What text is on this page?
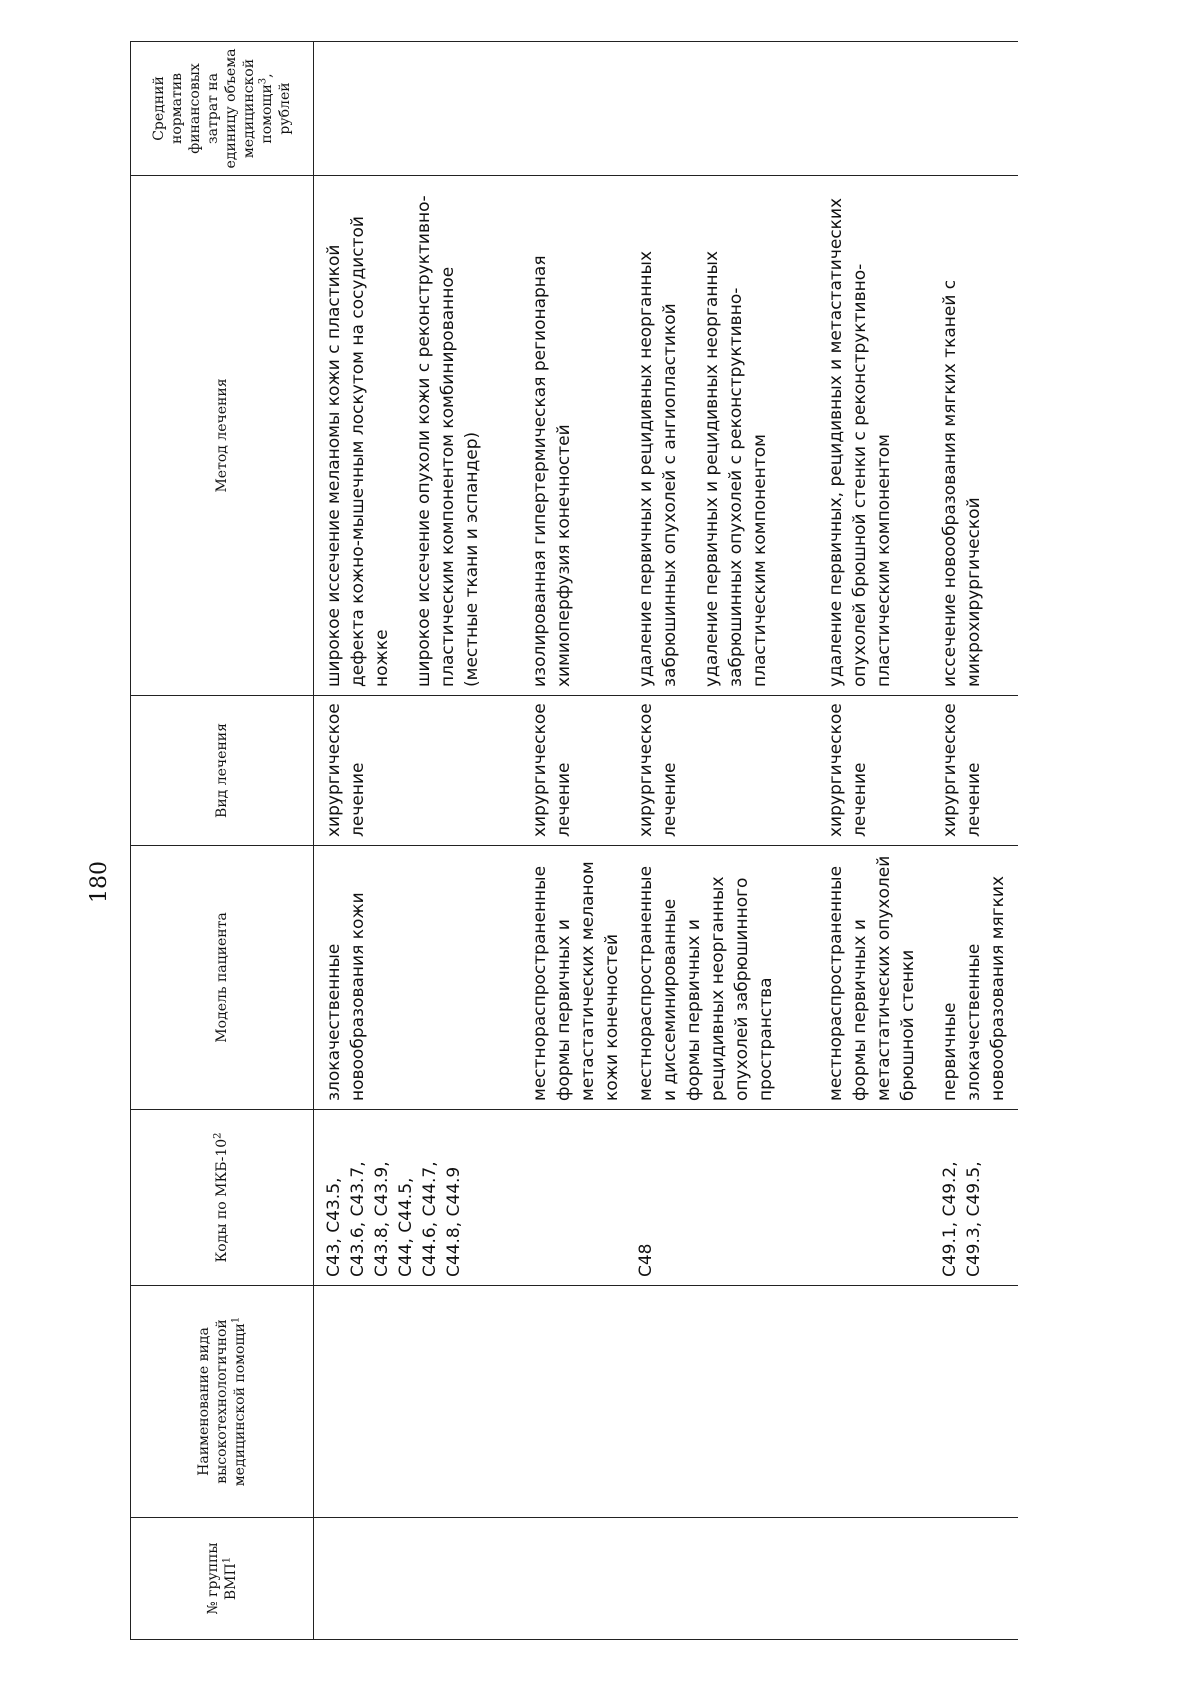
180
№ группы ВМП$^1$	Наименование вида высокотехнологичной медицинской помощи$^1$	Коды по МКБ-$10^2$	Модель пациента	Вид лечения	Метод лечения	Средний норматив финансовых затрат на единицу объема медицинской помощи$^3$, рублей
		C43, C43.5, C43.6, C43.7, C43.8, C43.9, C44, C44.5, C44.6, C44.7, C44.8, C44.9	злокачественные новообразования кожи	хирургическое лечение	широкое иссечение меланомы кожи с пластикой дефекта кожно-мышечным лоскутом на сосудистой ножке широкое иссечение опухоли кожи с реконструктивно-пластическим компонентом комбинированное (местные ткани и эспандер)	

			местнораспространенные формы первичных и метастатических меланом кожи конечностей	хирургическое лечение	изолированная гипертермическая регионарная химиоперфузия конечностей	

		C48	местнораспространенные и диссеминированные формы первичных и рецидивных неорганных опухолей забрюшинного пространства	хирургическое лечение	удаление первичных и рецидивных неорганных забрюшинных опухолей с ангиопластикой удаление первичных и рецидивных неорганных забрюшинных опухолей с реконструктивно-пластическим компонентом	

			местнораспространенные формы первичных и метастатических опухолей брюшной стенки	хирургическое лечение	удаление первичных, рецидивных и метастатических опухолей брюшной стенки с реконструктивно-пластическим компонентом	

		C49.1, C49.2, C49.3, C49.5,	первичные злокачественные новообразования мягких	хирургическое лечение	иссечение новообразования мягких тканей с микрохирургической	
